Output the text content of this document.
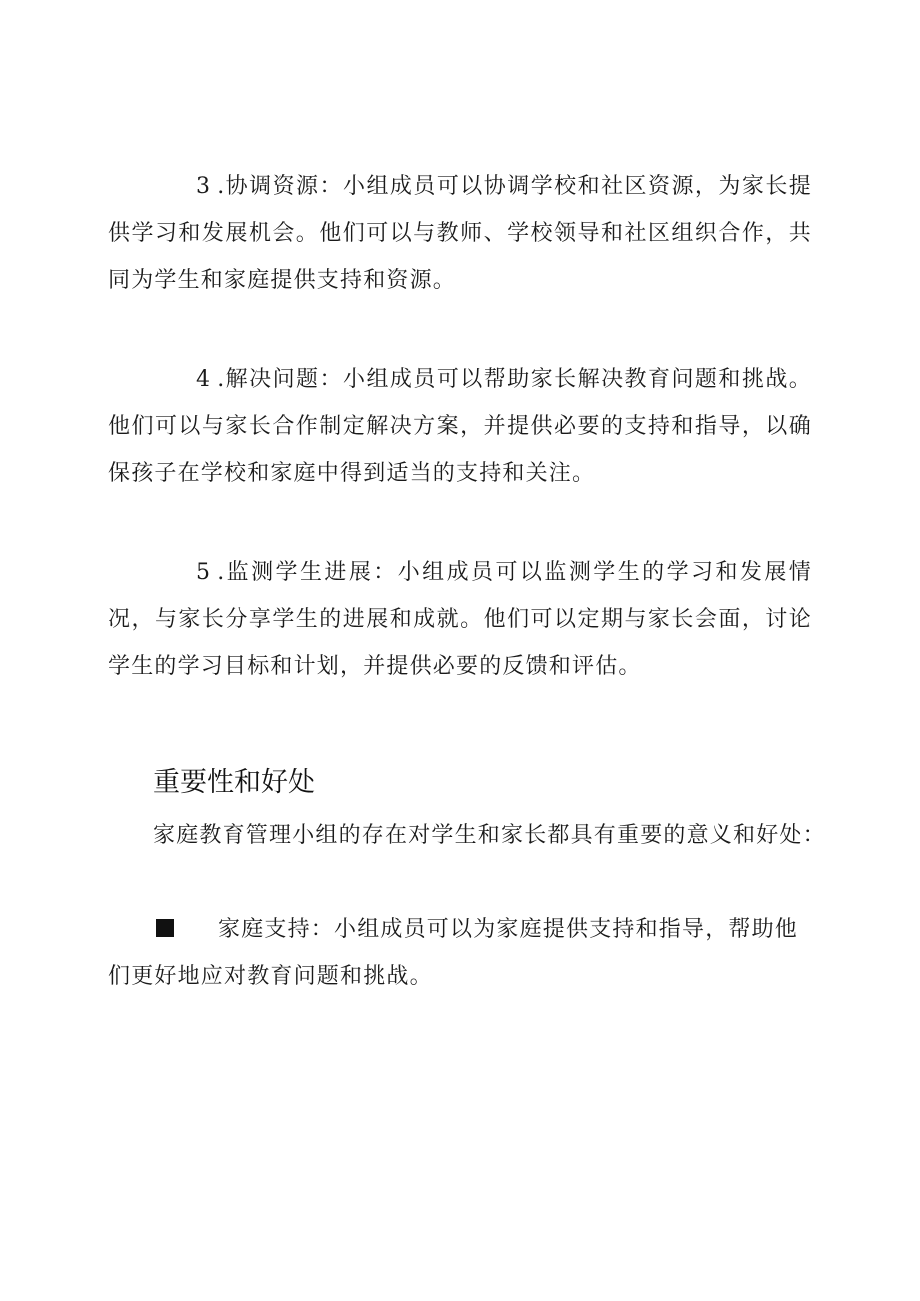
3 .协调资源：小组成员可以协调学校和社区资源，为家长提供学习和发展机会。他们可以与教师、学校领导和社区组织合作，共同为学生和家庭提供支持和资源。

4 .解决问题：小组成员可以帮助家长解决教育问题和挑战。他们可以与家长合作制定解决方案，并提供必要的支持和指导，以确保孩子在学校和家庭中得到适当的支持和关注。

5 .监测学生进展：小组成员可以监测学生的学习和发展情况，与家长分享学生的进展和成就。他们可以定期与家长会面，讨论学生的学习目标和计划，并提供必要的反馈和评估。

重要性和好处

家庭教育管理小组的存在对学生和家长都具有重要的意义和好处：

家庭支持：小组成员可以为家庭提供支持和指导，帮助他们更好地应对教育问题和挑战。
